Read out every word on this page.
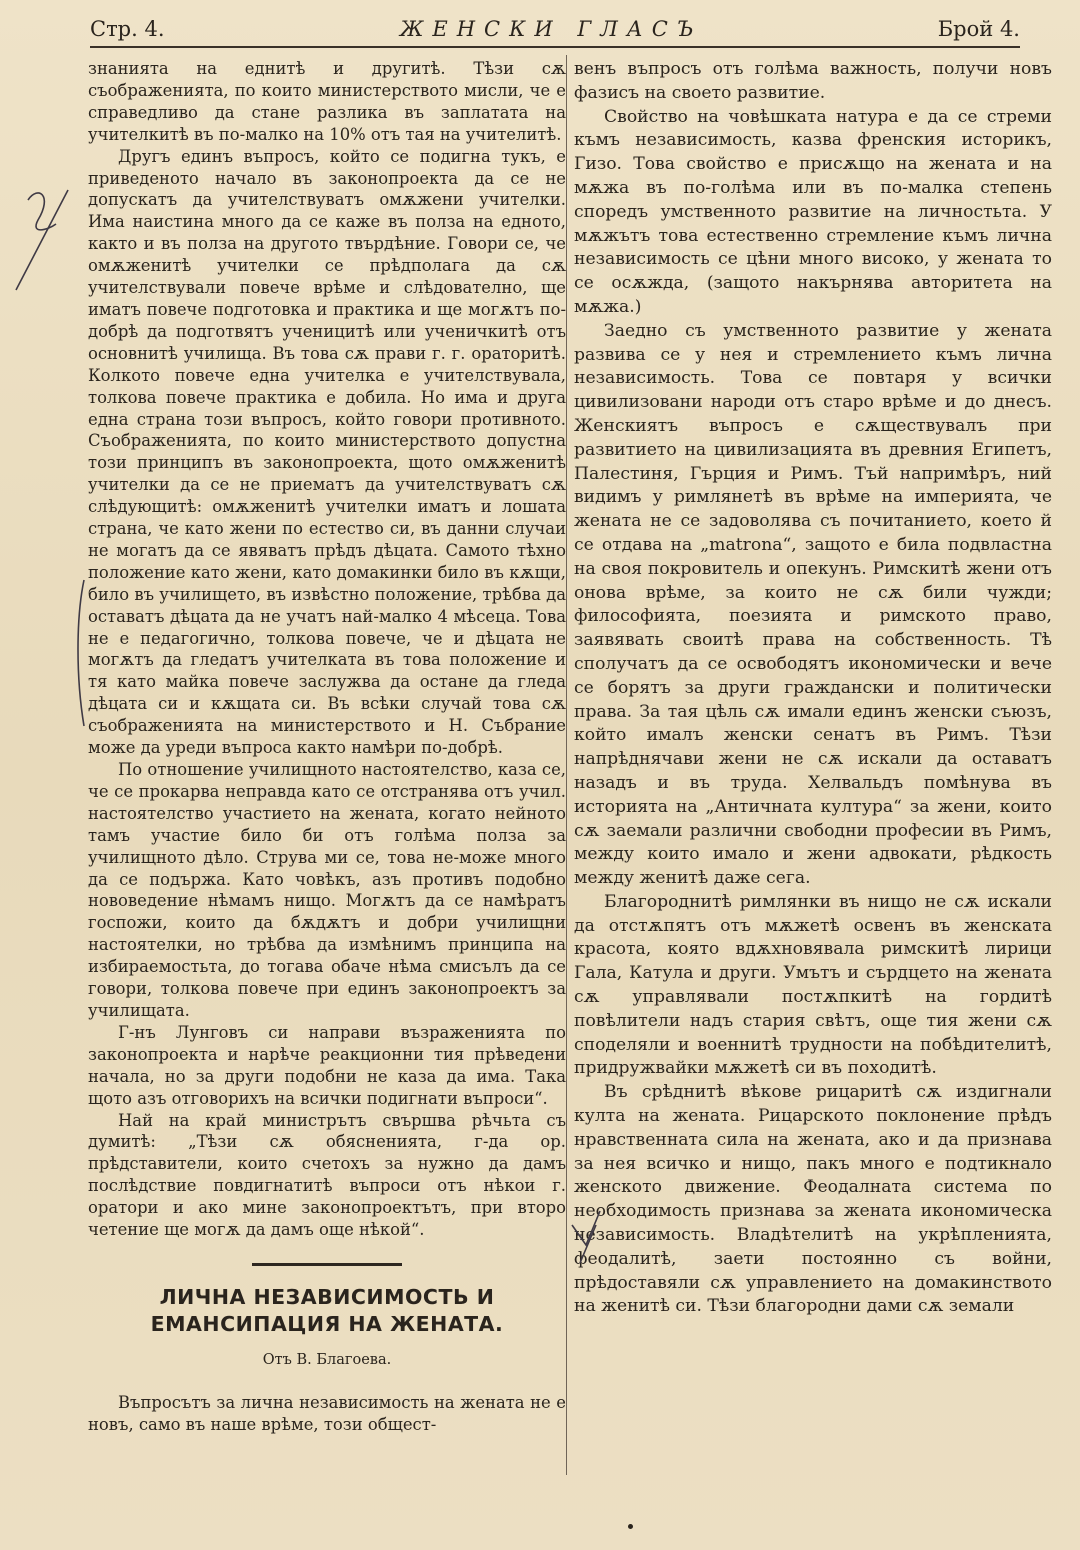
Стр. 4.	ЖЕНСКИ ГЛАСЪ	Брой 4.

знанията на еднитѣ и другитѣ. Тѣзи сѫ съображенията, по които министерството мисли, че е справедливо да стане разлика въ заплатата на учителкитѣ въ по-малко на 10% отъ тая на учителитѣ.

Другъ единъ въпросъ, който се подигна тукъ, е приведеното начало въ законопроекта да се не допускатъ да учителствуватъ омѫжени учителки. Има наистина много да се каже въ полза на едното, както и въ полза на другото твърдѣние. Говори се, че омѫженитѣ учителки се прѣдполага да сѫ учителствували повече врѣме и слѣдователно, ще иматъ повече подготовка и практика и ще могѫтъ по-добрѣ да подготвятъ ученицитѣ или ученичкитѣ отъ основнитѣ училища. Въ това сѫ прави г. г. ораторитѣ. Колкото повече една учителка е учителствувала, толкова повече практика е добила. Но има и друга една страна този въпросъ, който говори противното. Съображенията, по които министерството допустна този принципъ въ законопроекта, щото омѫженитѣ учителки да се не приематъ да учителствуватъ сѫ слѣдующитѣ: омѫженитѣ учителки иматъ и лошата страна, че като жени по естество си, въ данни случаи не могатъ да се явяватъ прѣдъ дѣцата. Самото тѣхно положение като жени, като домакинки било въ кѫщи, било въ училището, въ извѣстно положение, трѣбва да оставатъ дѣцата да не учатъ най-малко 4 мѣсеца. Това не е педагогично, толкова повече, че и дѣцата не могѫтъ да гледатъ учителката въ това положение и тя като майка повече заслужва да остане да гледа дѣцата си и кѫщата си. Въ всѣки случай това сѫ съображенията на министерството и Н. Събрание може да уреди въпроса както намѣри по-добрѣ.

По отношение училищното настоятелство, каза се, че се прокарва неправда като се отстранява отъ учил. настоятелство участието на жената, когато нейното тамъ участие било би отъ голѣма полза за училищното дѣло. Струва ми се, това не-може много да се подържа. Като човѣкъ, азъ противъ подобно нововедение нѣмамъ нищо. Могѫтъ да се намѣратъ госпожи, които да бѫдѫтъ и добри училищни настоятелки, но трѣбва да измѣнимъ принципа на избираемостьта, до тогава обаче нѣма смисълъ да се говори, толкова повече при единъ законопроектъ за училищата.

Г-нъ Лунговъ си направи възраженията по законопроекта и нарѣче реакционни тия прѣведени начала, но за други подобни не каза да има. Така щото азъ отговорихъ на всички подигнати въпроси“.

Най на край министрътъ свършва рѣчьта съ думитѣ: „Тѣзи сѫ обясненията, г-да ор. прѣдставители, които счетохъ за нужно да дамъ послѣдствие повдигнатитѣ въпроси отъ нѣкои г. оратори и ако мине законопроектътъ, при второ четение ще могѫ да дамъ още нѣкой“.

ЛИЧНА НЕЗАВИСИМОСТЬ И ЕМАНСИПАЦИЯ НА ЖЕНАТА.
Отъ В. Благоева.

Въпросътъ за лична независимость на жената не е новъ, само въ наше врѣме, този общест-

венъ въпросъ отъ голѣма важность, получи новъ фазисъ на своето развитие.

Свойство на човѣшката натура е да се стреми къмъ независимость, казва френския историкъ, Гизо. Това свойство е присѫщо на жената и на мѫжа въ по-голѣма или въ по-малка степень споредъ умственното развитие на личностьта. У мѫжътъ това естественно стремление къмъ лична независимость се цѣни много високо, у жената то се осѫжда, (защото накърнява авторитета на мѫжа.)

Заедно съ умственното развитие у жената развива се у нея и стремлението къмъ лична независимость. Това се повтаря у всички цивилизовани народи отъ старо врѣме и до днесъ. Женскиятъ въпросъ е сѫществувалъ при развитието на цивилизацията въ древния Египетъ, Палестиня, Гърция и Римъ. Тъй напримѣръ, ний видимъ у римлянетѣ въ врѣме на империята, че жената не се задоволява съ почитанието, което й се отдава на „matrona“, защото е била подвластна на своя покровитель и опекунъ. Римскитѣ жени отъ онова врѣме, за които не сѫ били чужди; философията, поезията и римското право, заявявать своитѣ права на собственность. Тѣ сполучатъ да се освободятъ икономически и вече се борятъ за други граждански и политически права. За тая цѣль сѫ имали единъ женски съюзъ, който ималъ женски сенатъ въ Римъ. Тѣзи напрѣднячави жени не сѫ искали да оставатъ назадъ и въ труда. Хелвальдъ помѣнува въ историята на „Античната култура“ за жени, които сѫ заемали различни свободни професии въ Римъ, между които имало и жени адвокати, рѣдкость между женитѣ даже сега.

Благороднитѣ римлянки въ нищо не сѫ искали да отстѫпятъ отъ мѫжетѣ освенъ въ женската красота, която вдѫхновявала римскитѣ лирици Гала, Катула и други. Умътъ и сърдцето на жената сѫ управлявали постѫпкитѣ на гордитѣ повѣлители надъ стария свѣтъ, още тия жени сѫ споделяли и военнитѣ трудности на побѣдителитѣ, придружвайки мѫжетѣ си въ походитѣ.

Въ срѣднитѣ вѣкове рицаритѣ сѫ издигнали култа на жената. Рицарското поклонение прѣдъ нравственната сила на жената, ако и да признава за нея всичко и нищо, пакъ много е подтикнало женското движение. Феодалната система по необходимость признава за жената икономическа независимость. Владѣтелитѣ на укрѣпленията, феодалитѣ, заети постоянно съ войни, прѣдоставяли сѫ управлението на домакинството на женитѣ си. Тѣзи благородни дами сѫ земали
